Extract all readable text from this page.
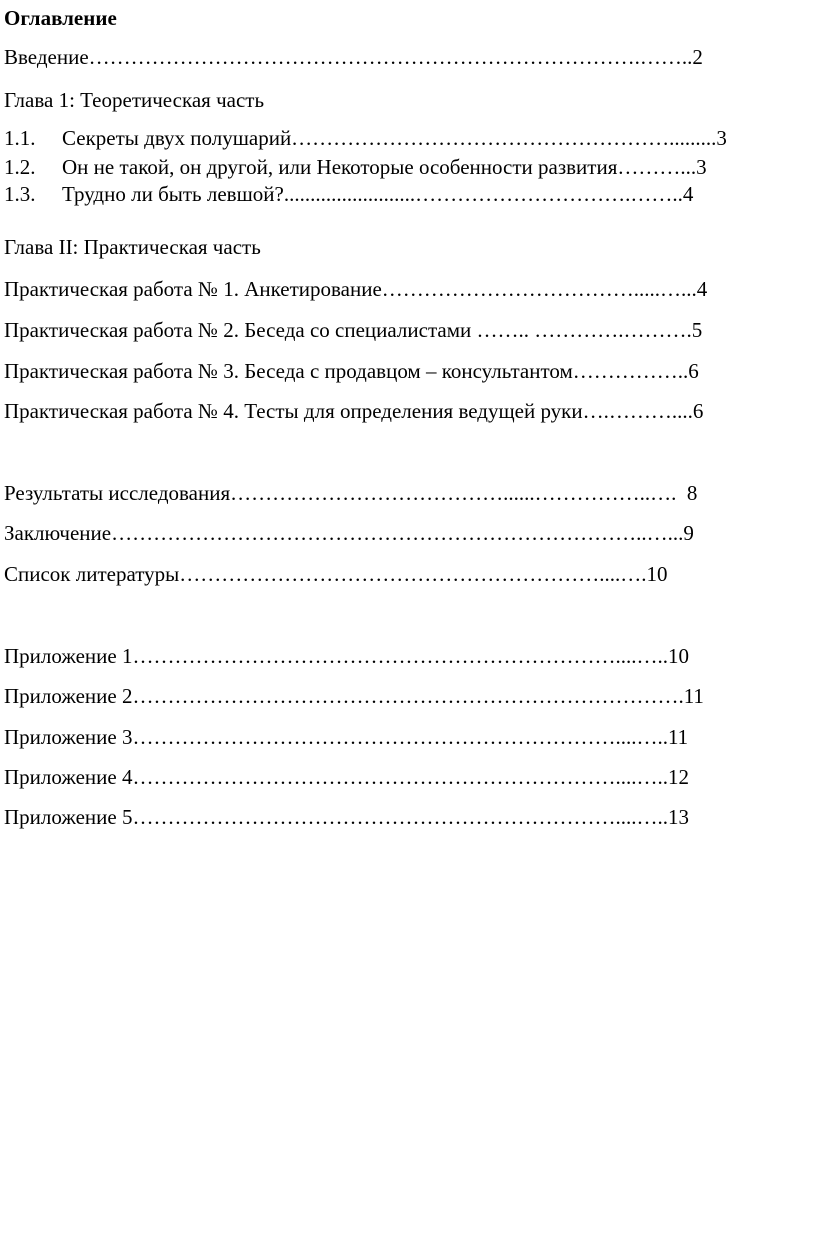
Оглавление
Введение…………………………………………………………………….……..2
Глава 1: Теоретическая часть
1.1. Секреты двух полушарий……………………………………………….........3
1.2. Он не такой, он другой, или Некоторые особенности развития………...3
1.3. Трудно ли быть левшой?.........................………………………….……..4
Глава II: Практическая часть
Практическая работа № 1. Анкетирование……………………………….....…...4
Практическая работа № 2. Беседа со специалистами …….. ………….……….5
Практическая работа № 3. Беседа с продавцом – консультантом……………..6
Практическая работа № 4. Тесты для определения ведущей руки….………....6
Результаты исследования…………………………………......……………..….  8
Заключение…………………………………………………………………..…...9
Список литературы……………………………………………………....….10
Приложение 1……………………………………………………………....…..10
Приложение 2…………………………………………………………………….11
Приложение 3……………………………………………………………....…..11
Приложение 4……………………………………………………………....…..12
Приложение 5……………………………………………………………....…..13
